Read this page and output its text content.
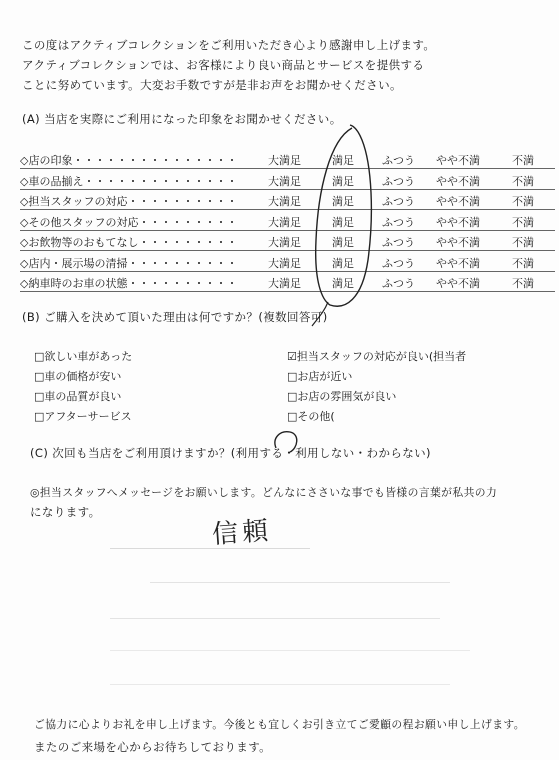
この度はアクティブコレクションをご利用いただき心より感謝申し上げます。
アクティブコレクションでは、お客様により良い商品とサービスを提供する
ことに努めています。大変お手数ですが是非お声をお聞かせください。
(A) 当店を実際にご利用になった印象をお聞かせください。
◇店の印象・・・・・・・・・・・・・・・	大満足	満足	ふつう やや不満	不満
◇車の品揃え・・・・・・・・・・・・・・	大満足	満足	ふつう やや不満	不満
◇担当スタッフの対応・・・・・・・・・・	大満足	満足	ふつう やや不満	不満
◇その他スタッフの対応・・・・・・・・・	大満足	満足	ふつう やや不満	不満
◇お飲物等のおもてなし・・・・・・・・・	大満足	満足	ふつう やや不満	不満
◇店内・展示場の清掃・・・・・・・・・・	大満足	満足	ふつう やや不満	不満
◇納車時のお車の状態・・・・・・・・・・	大満足	満足	ふつう やや不満	不満
(B) ご購入を決めて頂いた理由は何ですか？(複数回答可)
□欲しい車があった
□車の価格が安い
□車の品質が良い
□アフターサービス
☑担当スタッフの対応が良い(担当者
□お店が近い
□お店の雰囲気が良い
□その他(
(C) 次回も当店をご利用頂けますか？(利用する・利用しない・わからない)
◎担当スタッフへメッセージをお願いします。どんなにささいな事でも皆様の言葉が私共の力
になります。
信頼
ご協力に心よりお礼を申し上げます。今後とも宜しくお引き立てご愛顧の程お願い申し上げます。
またのご来場を心からお待ちしております。
